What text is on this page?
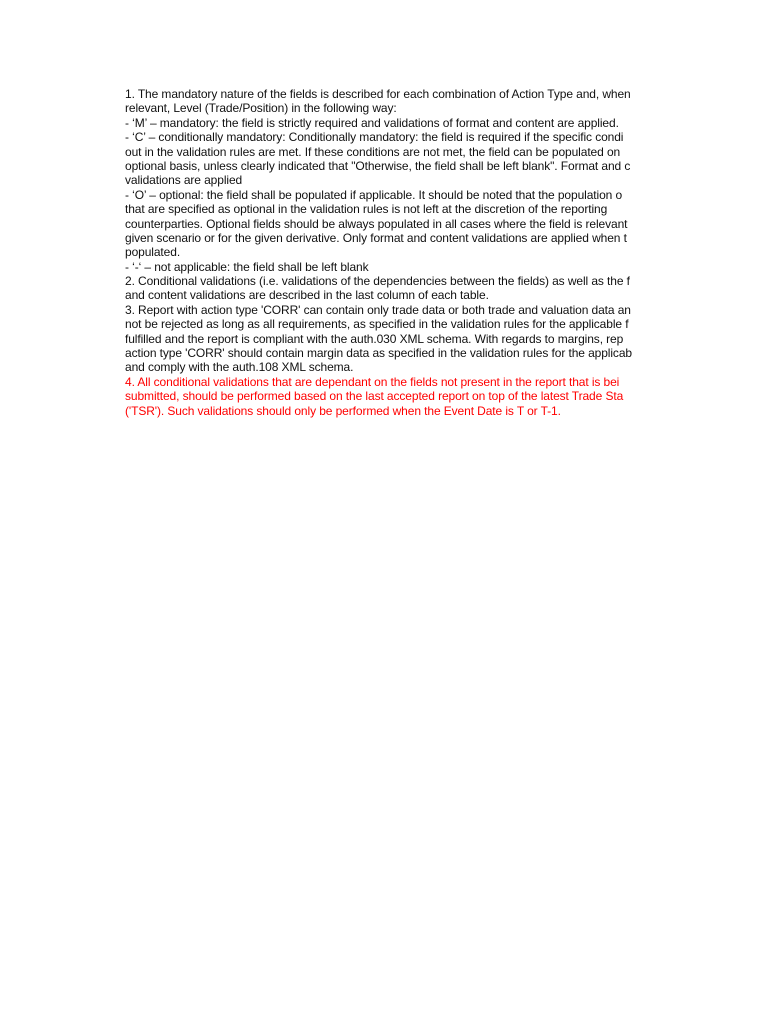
1. The mandatory nature of the fields is described for each combination of Action Type and, when
relevant, Level (Trade/Position) in the following way:
- ‘M’ – mandatory: the field is strictly required and validations of format and content are applied.
- ‘C’ – conditionally mandatory: Conditionally mandatory: the field is required if the specific condi
out in the validation rules are met. If these conditions are not met, the field can be populated on
optional basis, unless clearly indicated that "Otherwise, the field shall be left blank". Format and c
validations are applied
- ‘O’ – optional: the field shall be populated if applicable. It should be noted that the population o
that are specified as optional in the validation rules is not left at the discretion of the reporting
counterparties. Optional fields should be always populated in all cases where the field is relevant
given scenario or for the given derivative. Only format and content validations are applied when t
populated.
- ‘-‘ – not applicable: the field shall be left blank
2. Conditional validations (i.e. validations of the dependencies between the fields) as well as the f
and content validations are described in the last column of each table.
3. Report with action type 'CORR' can contain only trade data or both trade and valuation data an
not be rejected as long as all requirements, as specified in the validation rules for the applicable f
fulfilled and the report is compliant with the auth.030 XML schema. With regards to margins, rep
action type 'CORR' should contain margin data as specified in the validation rules for the applicab
and comply with the auth.108 XML schema.
4. All conditional validations that are dependant on the fields not present in the report that is bei
submitted, should be performed based on the last accepted report on top of the latest Trade Sta
('TSR'). Such validations should only be performed when the Event Date is T or T-1.
